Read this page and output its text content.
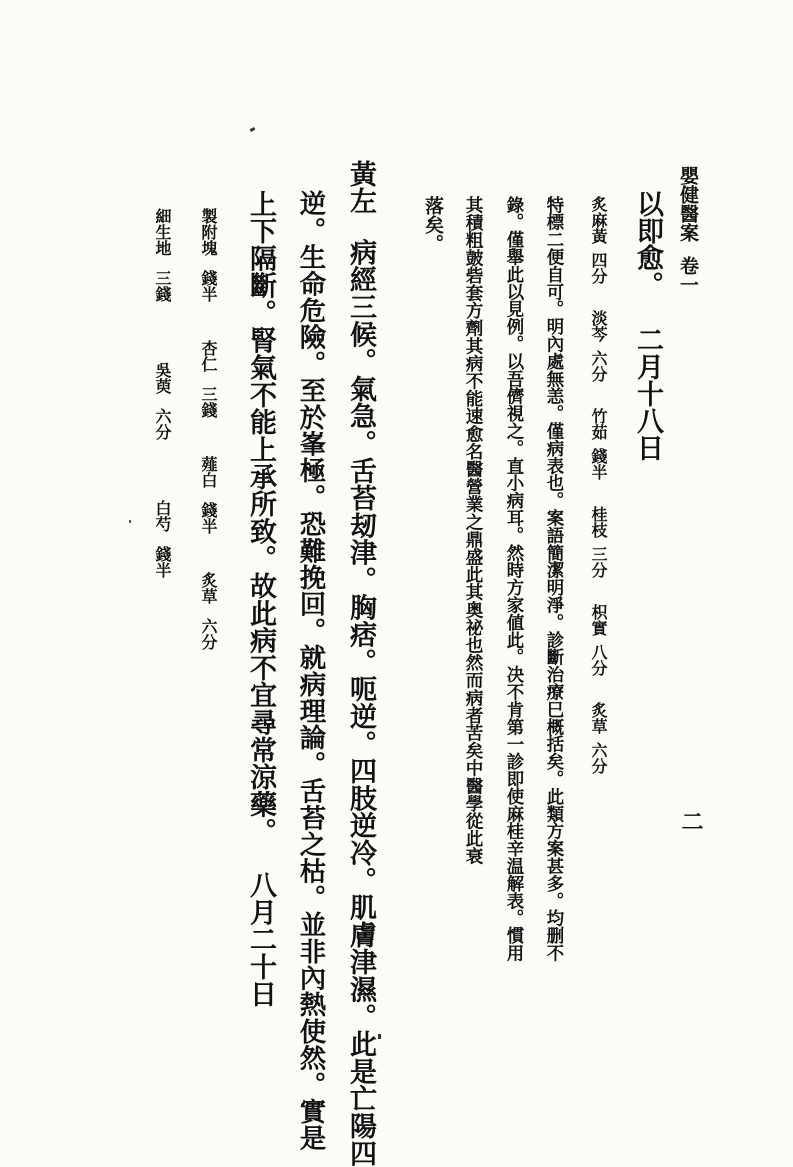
嬰健醫案卷一
二
以即愈。二月十八日
炙麻黃四分淡芩六分竹茹錢半桂枝三分枳實八分炙草六分
特標二便自可。明內處無恙。僅病表也。案語簡潔明淨。診斷治療巳概括矣。此類方案甚多。均删不
錄。僅舉此以見例。以吾儕視之。直小病耳。然時方家値此。决不肯第一診即使麻桂辛温解表。慣用
其積粗皷砦套方劑其病不能速愈名醫營業之鼎盛此其奥祕也然而病者苦矣中醫學從此衰
落矣。
黃左病經三候。氣急。舌苔刼津。胸痞。呃逆。四肢逆冷。肌膚津濕。此是亡陽四
逆。生命危險。至於峯極。恐難挽回。就病理論。舌苔之枯。並非內熱使然。實是
上下隔斷。腎氣不能上承所致。故此病不宜尋常涼藥。八月二十日
製附塊錢半杏仁三錢薤白錢半炙草六分
細生地三錢吳萸六分白芍錢半
